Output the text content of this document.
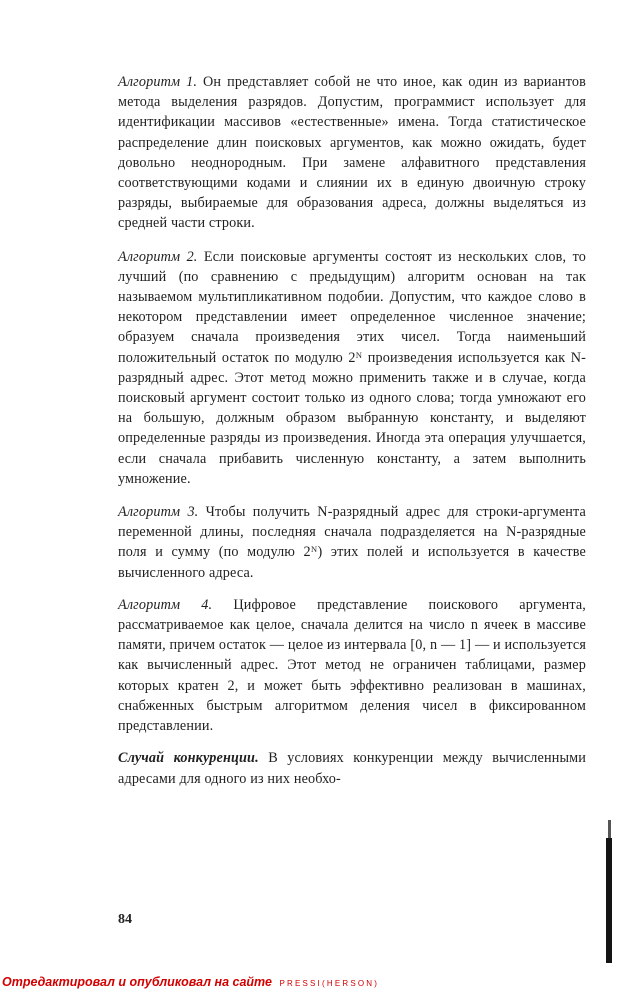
Алгоритм 1. Он представляет собой не что иное, как один из вариантов метода выделения разрядов. Допустим, программист использует для идентификации массивов «естественные» имена. Тогда статистическое распределение длин поисковых аргументов, как можно ожидать, будет довольно неоднородным. При замене алфавитного представления соответствующими кодами и слиянии их в единую двоичную строку разряды, выбираемые для образования адреса, должны выделяться из средней части строки.

Алгоритм 2. Если поисковые аргументы состоят из нескольких слов, то лучший (по сравнению с предыдущим) алгоритм основан на так называемом мультипликативном подобии. Допустим, что каждое слово в некотором представлении имеет определенное численное значение; образуем сначала произведения этих чисел. Тогда наименьший положительный остаток по модулю 2ᴺ произведения используется как N-разрядный адрес. Этот метод можно применить также и в случае, когда поисковый аргумент состоит только из одного слова; тогда умножают его на большую, должным образом выбранную константу, и выделяют определенные разряды из произведения. Иногда эта операция улучшается, если сначала прибавить численную константу, а затем выполнить умножение.

Алгоритм 3. Чтобы получить N-разрядный адрес для строки-аргумента переменной длины, последняя сначала подразделяется на N-разрядные поля и сумму (по модулю 2ᴺ) этих полей и используется в качестве вычисленного адреса.

Алгоритм 4. Цифровое представление поискового аргумента, рассматриваемое как целое, сначала делится на число n ячеек в массиве памяти, причем остаток — целое из интервала [0, n — 1] — и используется как вычисленный адрес. Этот метод не ограничен таблицами, размер которых кратен 2, и может быть эффективно реализован в машинах, снабженных быстрым алгоритмом деления чисел в фиксированном представлении.

Случай конкуренции. В условиях конкуренции между вычисленными адресами для одного из них необхо-

84
Отредактировал и опубликовал на сайте PRESSI(HERSON)
